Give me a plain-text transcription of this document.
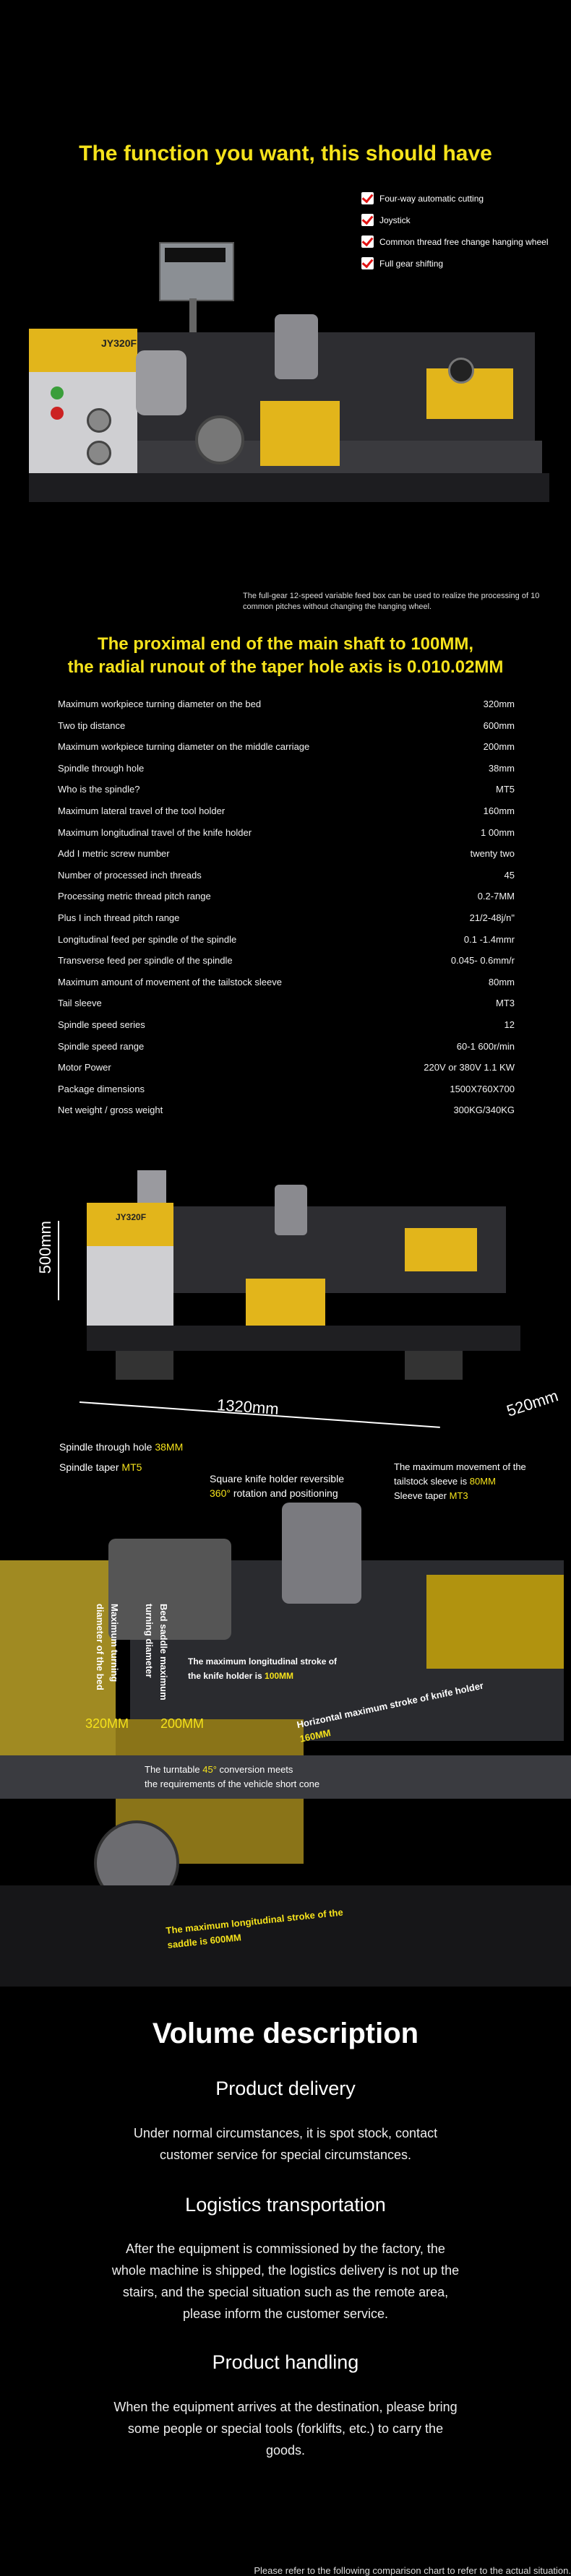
The function you want, this should have
Four-way automatic cutting
Joystick
Common thread free change hanging wheel
Full gear shifting
JY320F
The full-gear 12-speed variable feed box can be used to realize the processing of 10 common pitches without changing the hanging wheel.
The proximal end of the main shaft to 100MM,
the radial runout of the taper hole axis is 0.010.02MM
Maximum workpiece turning diameter on the bed	320mm
Two tip distance	600mm
Maximum workpiece turning diameter on the middle carriage	200mm
Spindle through hole	38mm
Who is the spindle?	MT5
Maximum lateral travel of the tool holder	160mm
Maximum longitudinal travel of the knife holder	1 00mm
Add I metric screw number	twenty two
Number of processed inch threads	45
Processing metric thread pitch range	0.2-7MM
Plus I inch thread pitch range	21/2-48j/n"
Longitudinal feed per spindle of the spindle	0.1 -1.4mmr
Transverse feed per spindle of the spindle	0.045- 0.6mm/r
Maximum amount of movement of the tailstock sleeve	80mm
Tail sleeve	MT3
Spindle speed series	12
Spindle speed range	60-1 600r/min
Motor Power	220V or 380V 1.1 KW
Package dimensions	1500X760X700
Net weight / gross weight	300KG/340KG
JY320F
500mm
1320mm	520mm
Spindle through hole 38MM
Spindle taper MT5
Square knife holder reversible
360° rotation and positioning
The maximum movement of the
tailstock sleeve is 80MM
Sleeve taper MT3
Maximum turning diameter of the bed
320MM
Bed saddle maximum turning diameter
200MM
The maximum longitudinal stroke of the knife holder is 100MM
Horizontal maximum stroke of knife holder 160MM
The turntable 45° conversion meets
the requirements of the vehicle short cone
The maximum longitudinal stroke of the saddle is 600MM
Volume description
Product delivery
Under normal circumstances, it is spot stock, contact customer service for special circumstances.
Logistics transportation
After the equipment is commissioned by the factory, the whole machine is shipped, the logistics delivery is not up the stairs, and the special situation such as the remote area, please inform the customer service.
Product handling
When the equipment arrives at the destination, please bring some people or special tools (forklifts, etc.) to carry the goods.
Please refer to the following comparison chart to refer to the actual situation.
